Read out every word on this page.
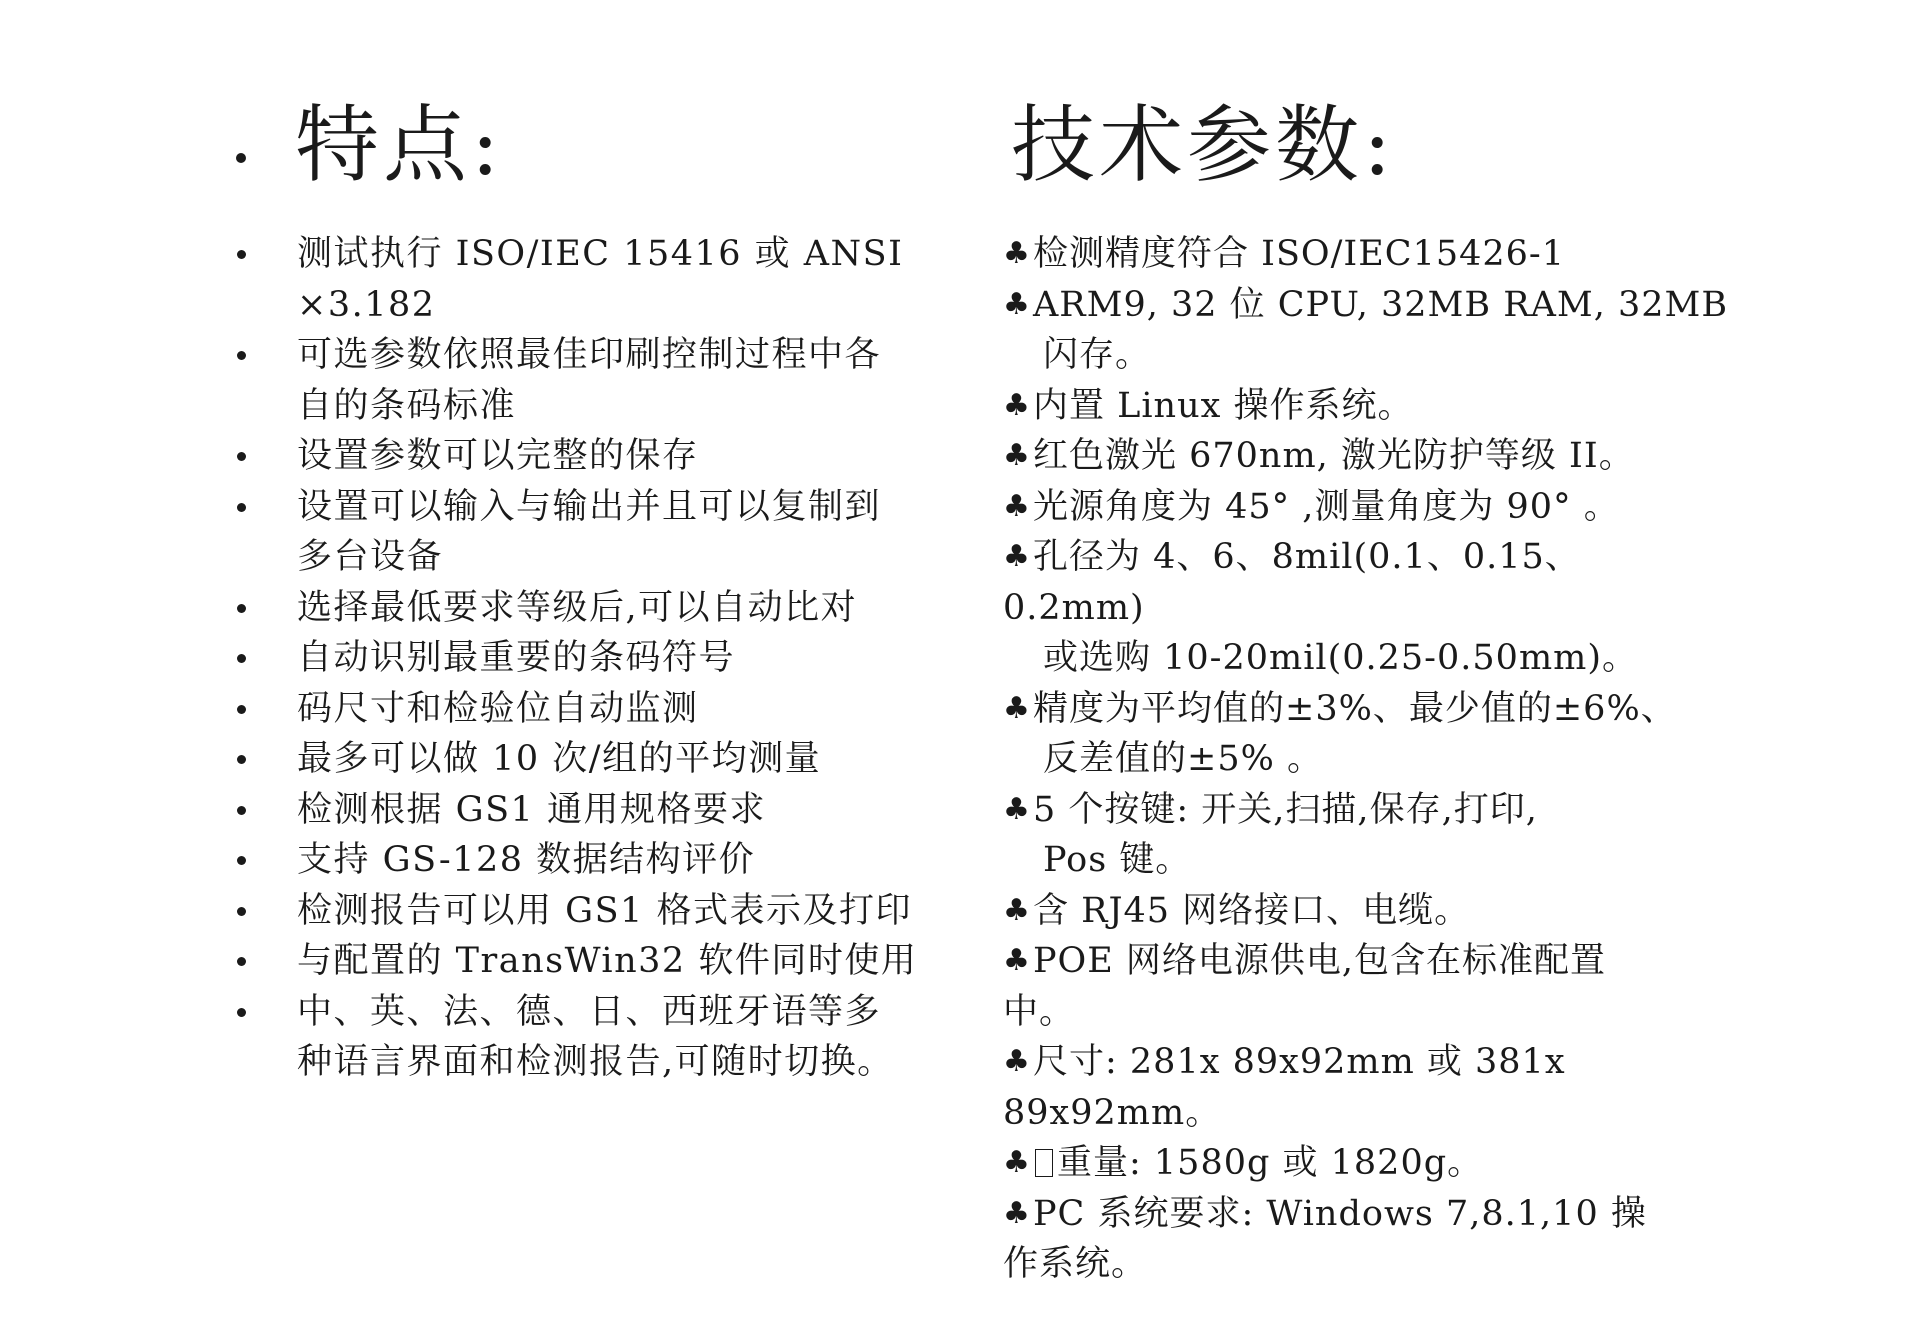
特点:
测试执行 ISO/IEC 15416 或 ANSI
×3.182
可选参数依照最佳印刷控制过程中各
自的条码标准
设置参数可以完整的保存
设置可以输入与输出并且可以复制到
多台设备
选择最低要求等级后,可以自动比对
自动识别最重要的条码符号
码尺寸和检验位自动监测
最多可以做 10 次/组的平均测量
检测根据 GS1 通用规格要求
支持 GS-128 数据结构评价
检测报告可以用 GS1 格式表示及打印
与配置的 TransWin32 软件同时使用
中、英、法、德、日、西班牙语等多
种语言界面和检测报告,可随时切换。
技术参数:
♣检测精度符合 ISO/IEC15426-1
♣ARM9, 32 位 CPU, 32MB RAM, 32MB
闪存。
♣内置 Linux 操作系统。
♣红色激光 670nm, 激光防护等级 II。
♣光源角度为 45° ,测量角度为 90° 。
♣孔径为 4、6、8mil(0.1、0.15、
0.2mm)
或选购 10-20mil(0.25-0.50mm)。
♣精度为平均值的±3%、最少值的±6%、
反差值的±5% 。
♣5 个按键: 开关,扫描,保存,打印,
Pos 键。
♣含 RJ45 网络接口、电缆。
♣POE 网络电源供电,包含在标准配置
中。
♣尺寸: 281x 89x92mm 或 381x
89x92mm。
♣ 重量: 1580g 或 1820g。
♣PC 系统要求: Windows 7,8.1,10 操
作系统。
